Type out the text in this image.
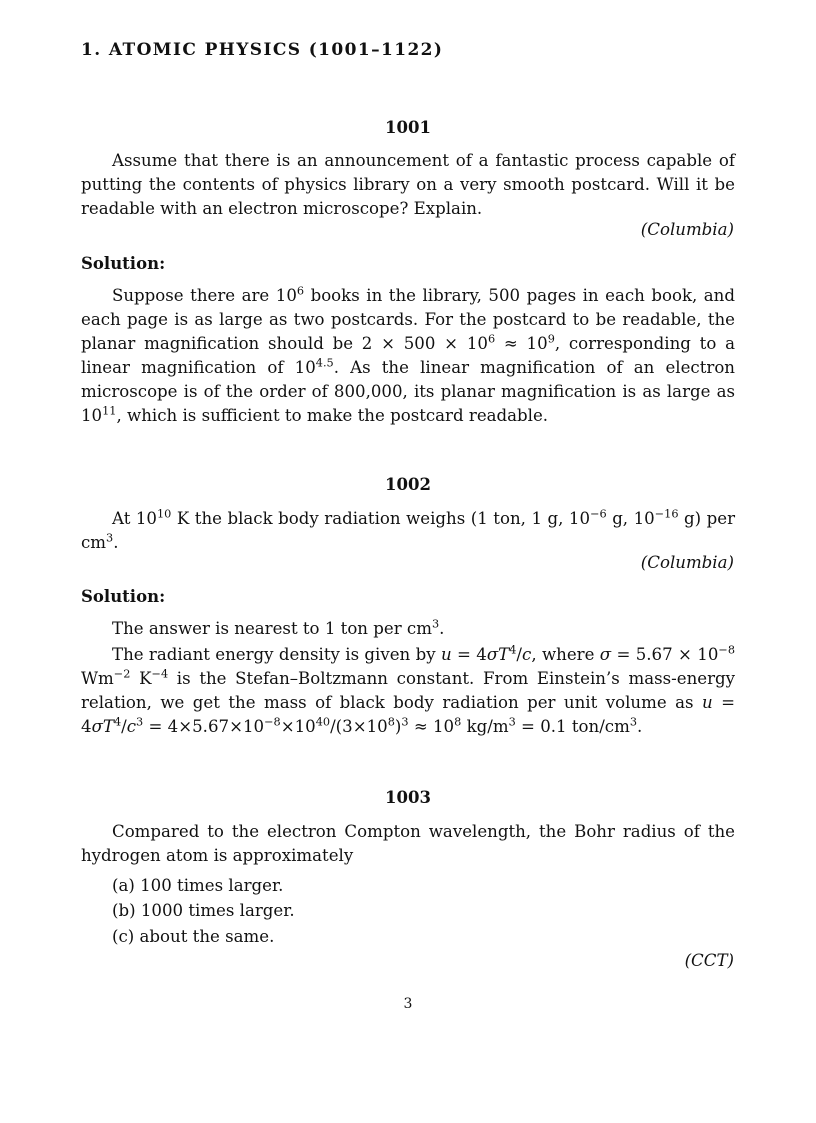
1. ATOMIC PHYSICS (1001–1122)
1001
Assume that there is an announcement of a fantastic process capable of putting the contents of physics library on a very smooth postcard. Will it be readable with an electron microscope? Explain.
(Columbia)
Solution:
Suppose there are $10^6$ books in the library, 500 pages in each book, and each page is as large as two postcards. For the postcard to be readable, the planar magnification should be $2 \times 500 \times 10^6 \approx 10^9$, corresponding to a linear magnification of $10^{4.5}$. As the linear magnification of an electron microscope is of the order of 800,000, its planar magnification is as large as $10^{11}$, which is sufficient to make the postcard readable.
1002
At $10^{10}$ K the black body radiation weighs (1 ton, 1 g, $10^{-6}$ g, $10^{-16}$ g) per $cm^3$.
(Columbia)
Solution:
The answer is nearest to 1 ton per $cm^3$.
The radiant energy density is given by $u = 4\sigma T^4/c$, where $\sigma = 5.67 \times 10^{-8}$ $Wm^{-2}$ $K^{-4}$ is the Stefan–Boltzmann constant. From Einstein’s mass-energy relation, we get the mass of black body radiation per unit volume as $u = 4\sigma T^4/c^3 = 4\times 5.67\times 10^{-8}\times 10^{40}/(3\times 10^8)^3 \approx 10^8$ $kg/m^3 = 0.1$ ton/$cm^3$.
1003
Compared to the electron Compton wavelength, the Bohr radius of the hydrogen atom is approximately
(a) 100 times larger.
(b) 1000 times larger.
(c) about the same.
(CCT)
3
